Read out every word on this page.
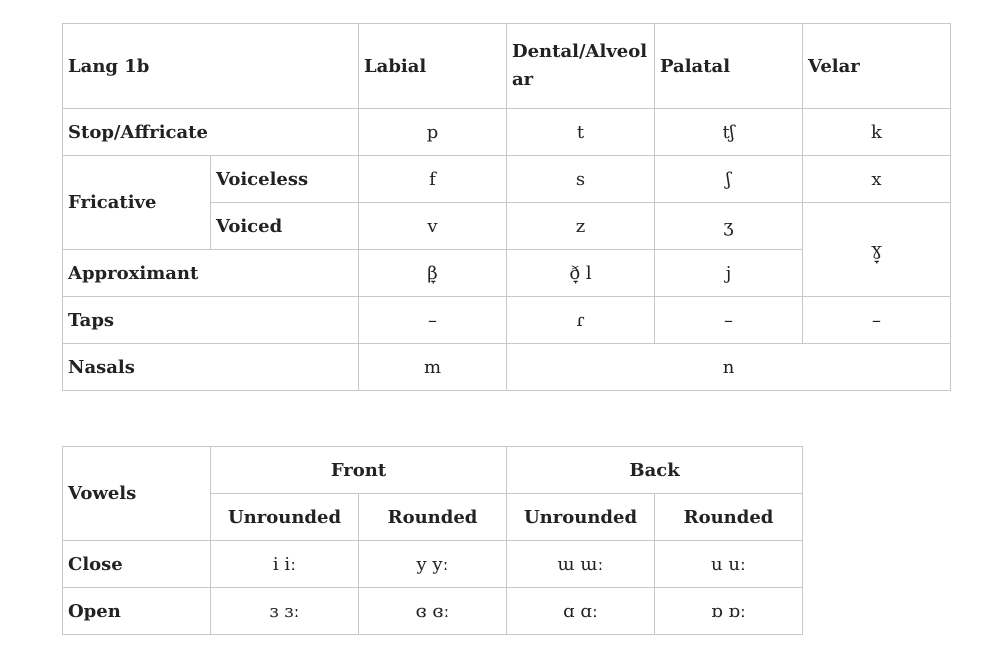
Lang 1b		Labial	Dental/Alveolar	Palatal	Velar
Stop/Affricate		p	t	tʃ	k
Fricative	Voiceless	f	s	ʃ	x
	Voiced	v	z	ʒ	ɣ̞
Approximant		β̞	ð̞ l	j	
Taps		–	ɾ	–	–
Nasals		m	n		
Vowels	Front		Back	
	Unrounded	Rounded	Unrounded	Rounded
Close	i iː	y yː	ɯ ɯː	u uː
Open	ɜ ɜː	ɞ ɞː	ɑ ɑː	ɒ ɒː
